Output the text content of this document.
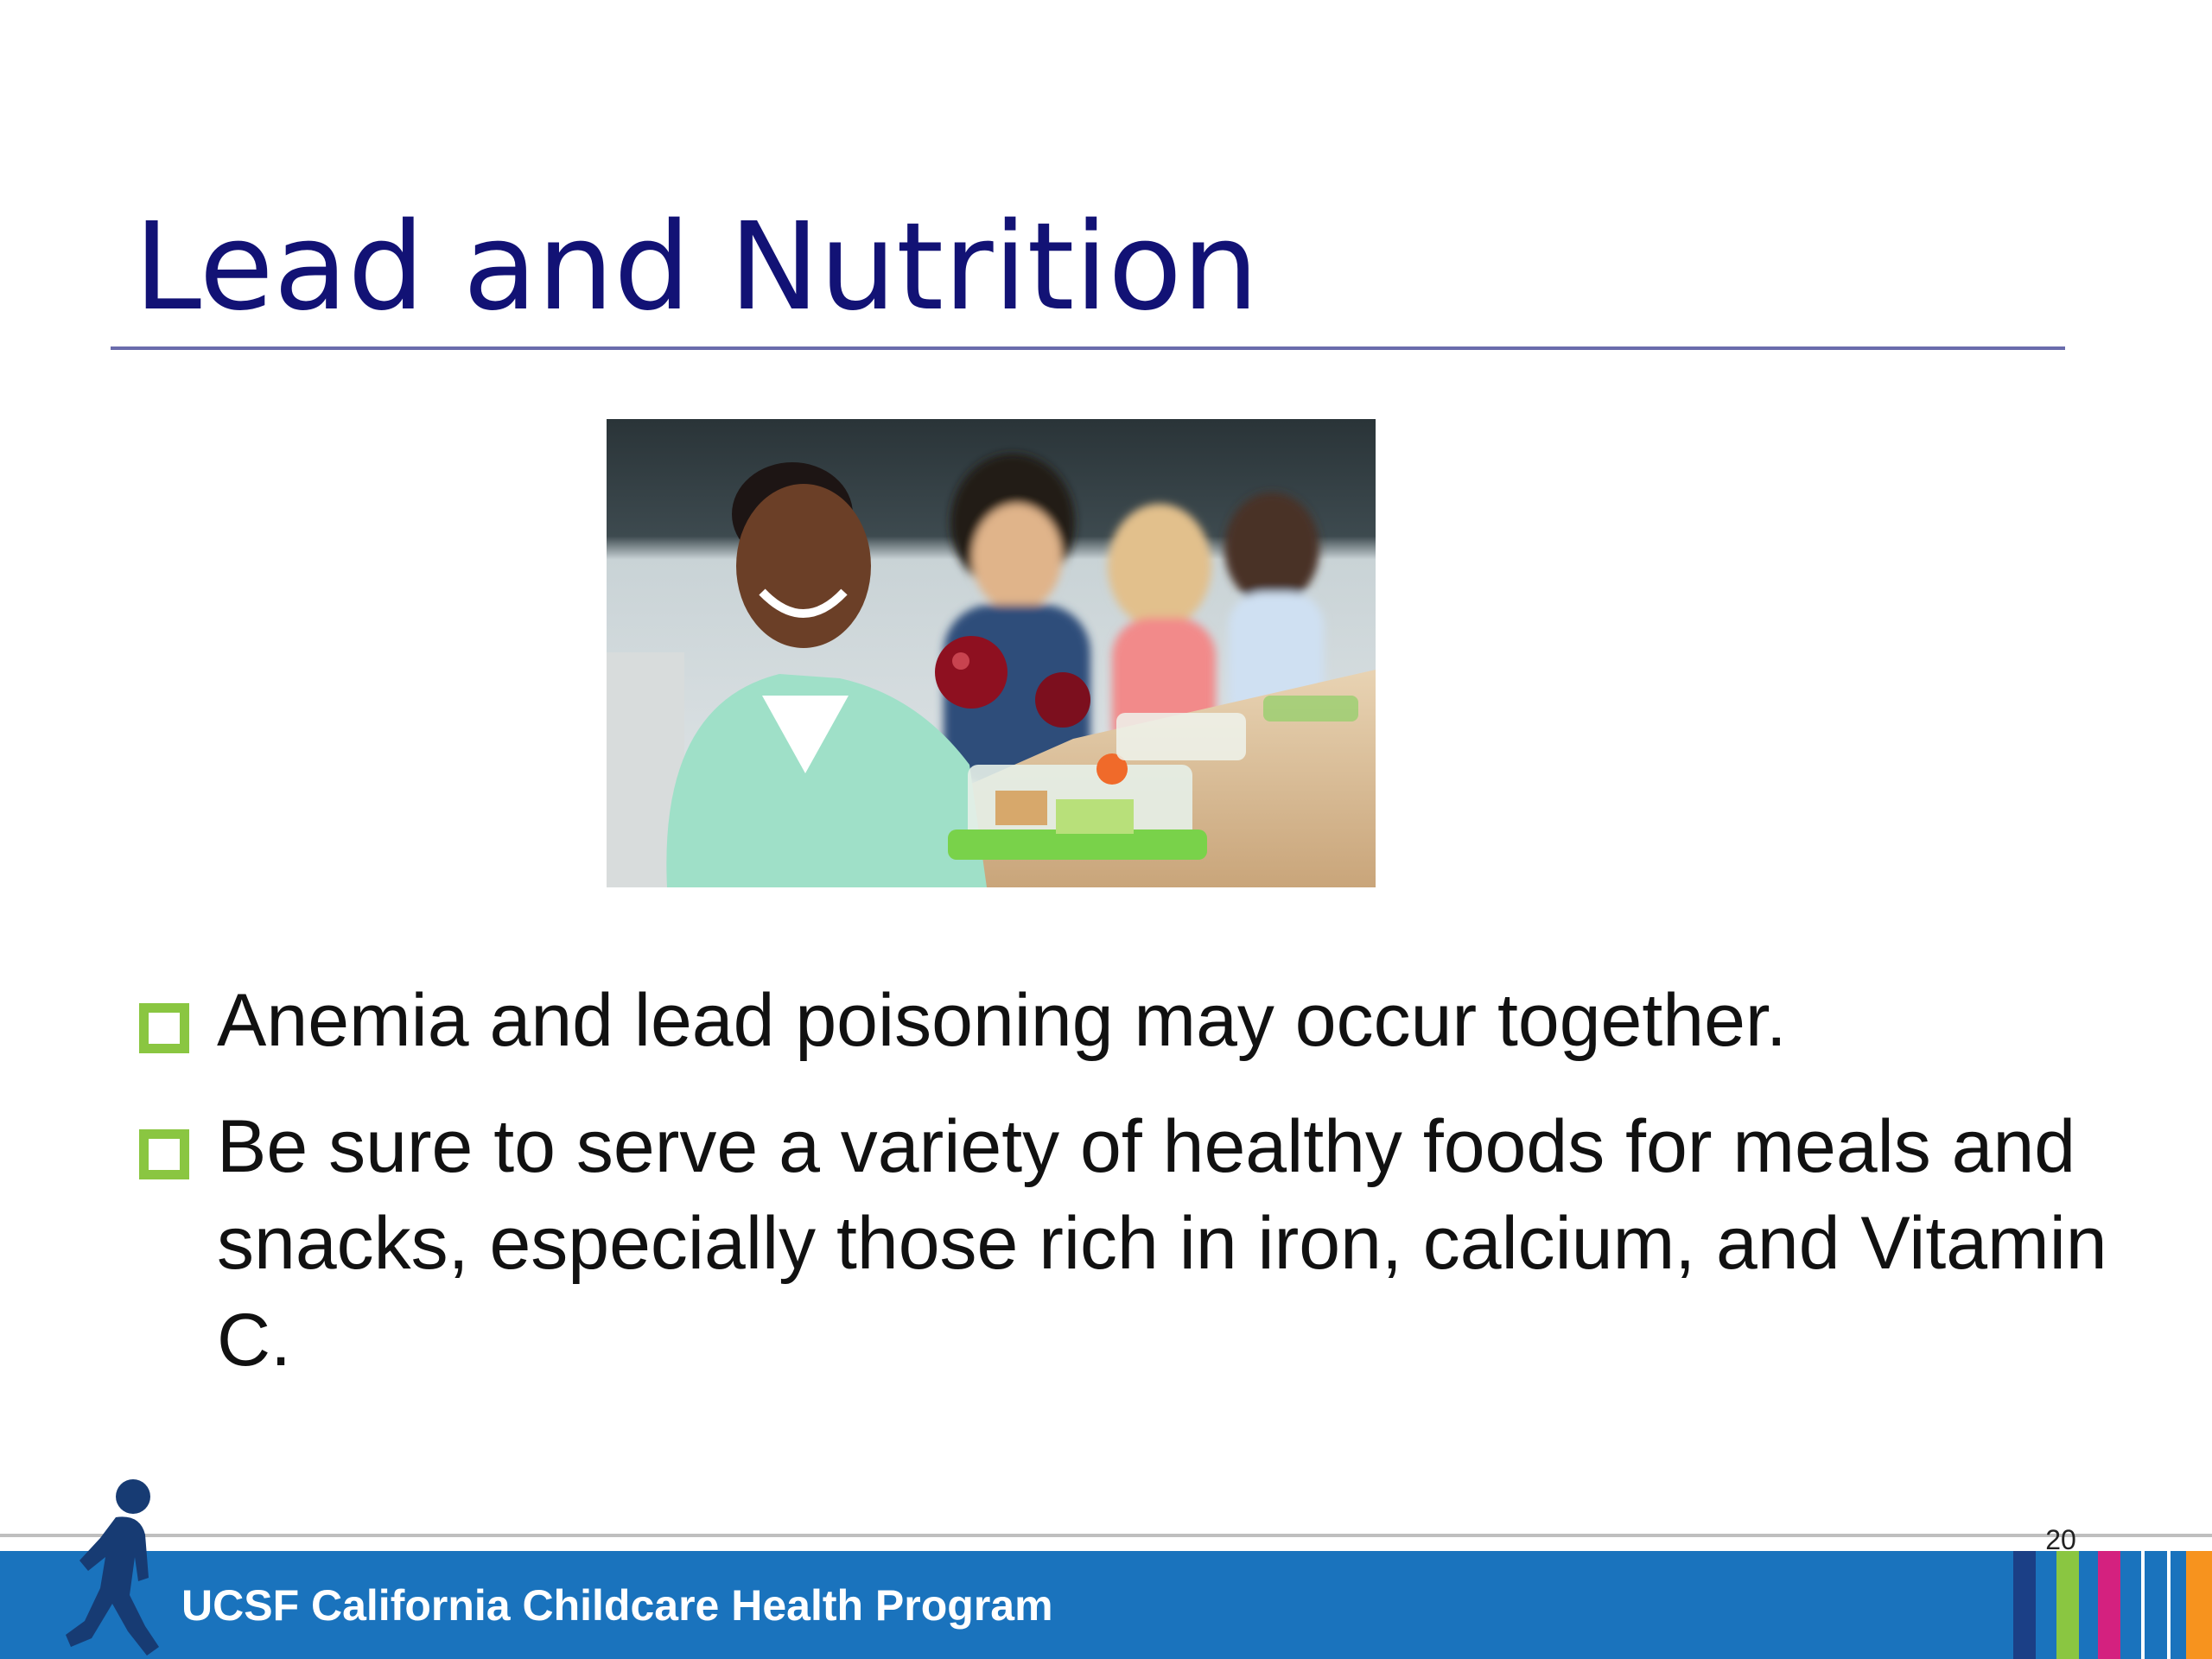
Lead and Nutrition
Anemia and lead poisoning may occur together.
Be sure to serve a variety of healthy foods for meals and snacks, especially those rich in iron, calcium, and Vitamin C.
UCSF California Childcare Health Program
20
